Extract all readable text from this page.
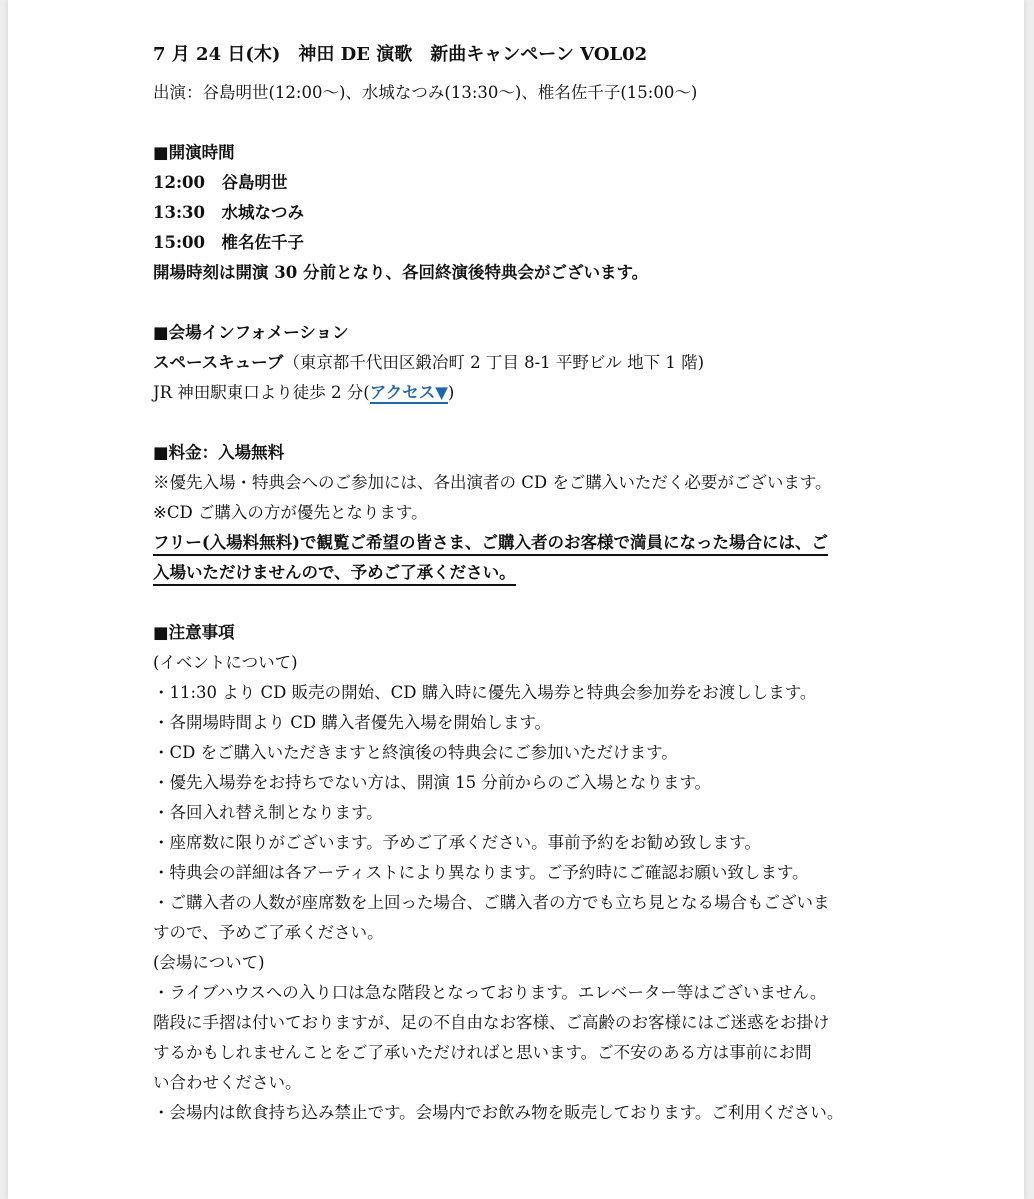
7 月 24 日(木)　神田 DE 演歌　新曲キャンペーン VOL02

出演：谷島明世(12:00～)、水城なつみ(13:30～)、椎名佐千子(15:00～)

■開演時間

12:00　谷島明世

13:30　水城なつみ

15:00　椎名佐千子

開場時刻は開演 30 分前となり、各回終演後特典会がございます。

■会場インフォメーション

スペースキューブ（東京都千代田区鍛冶町 2 丁目 8-1 平野ビル 地下 1 階)

JR 神田駅東口より徒歩 2 分(アクセス▼)

■料金：入場無料

※優先入場・特典会へのご参加には、各出演者の CD をご購入いただく必要がございます。

※CD ご購入の方が優先となります。

フリー(入場料無料)で観覧ご希望の皆さま、ご購入者のお客様で満員になった場合には、ご

入場いただけませんので、予めご了承ください。

■注意事項

(イベントについて)

・11:30 より CD 販売の開始、CD 購入時に優先入場券と特典会参加券をお渡しします。

・各開場時間より CD 購入者優先入場を開始します。

・CD をご購入いただきますと終演後の特典会にご参加いただけます。

・優先入場券をお持ちでない方は、開演 15 分前からのご入場となります。

・各回入れ替え制となります。

・座席数に限りがございます。予めご了承ください。事前予約をお勧め致します。

・特典会の詳細は各アーティストにより異なります。ご予約時にご確認お願い致します。

・ご購入者の人数が座席数を上回った場合、ご購入者の方でも立ち見となる場合もございま

すので、予めご了承ください。

(会場について)

・ライブハウスへの入り口は急な階段となっております。エレベーター等はございません。

階段に手摺は付いておりますが、足の不自由なお客様、ご高齢のお客様にはご迷惑をお掛け

するかもしれませんことをご了承いただければと思います。ご不安のある方は事前にお問

い合わせください。

・会場内は飲食持ち込み禁止です。会場内でお飲み物を販売しております。ご利用ください。
